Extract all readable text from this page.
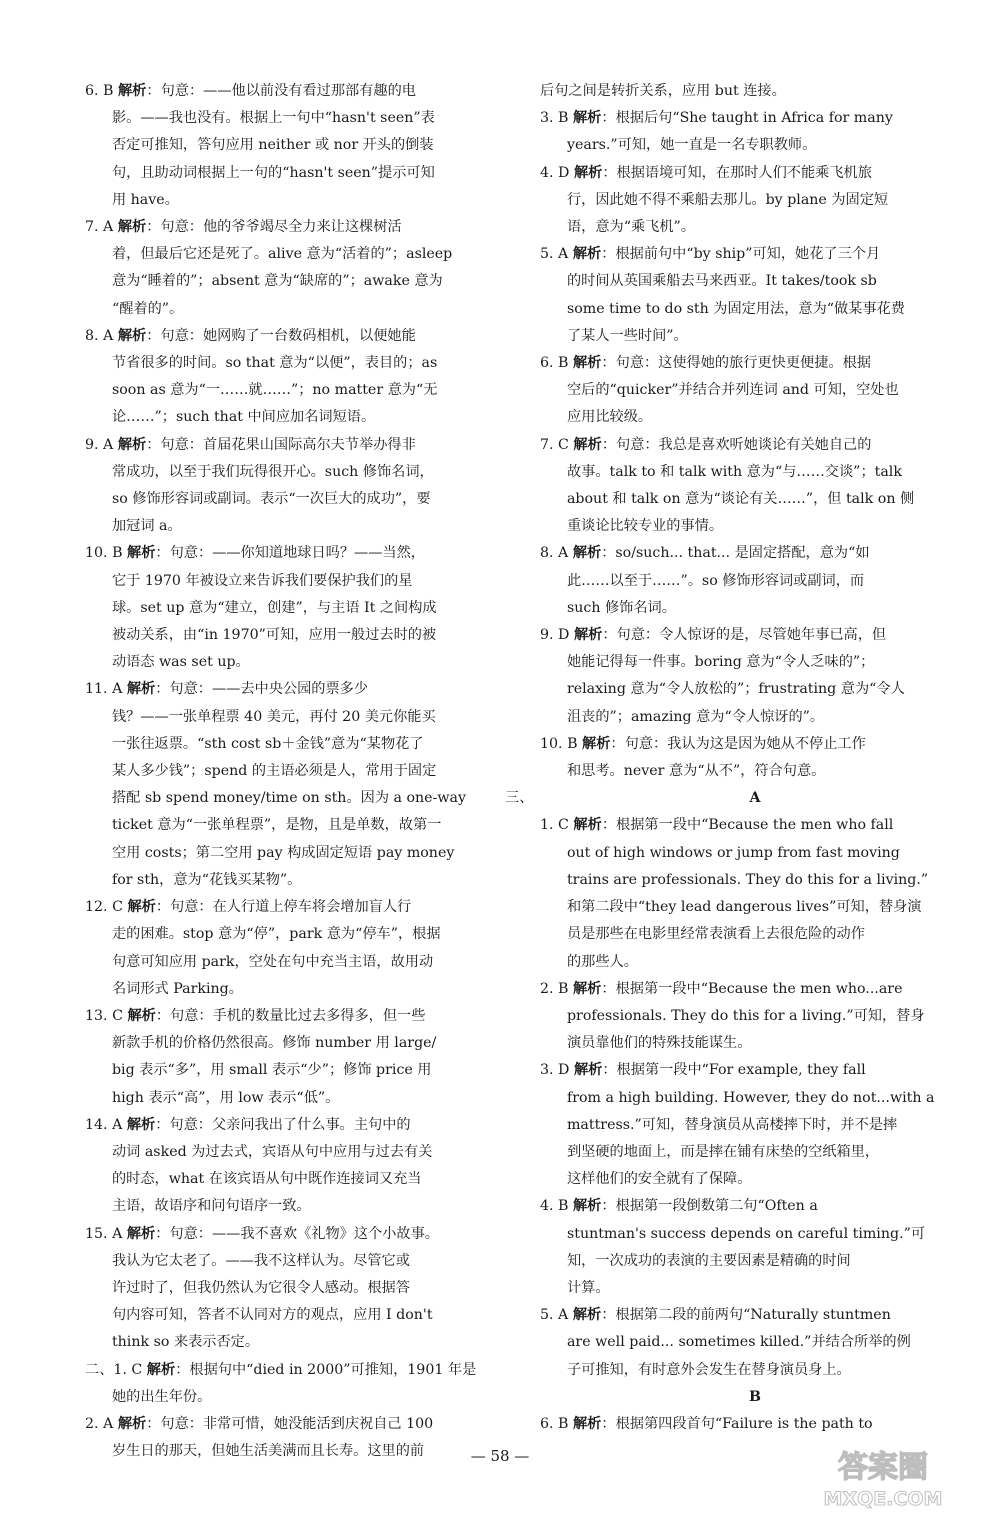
6. B 解析：句意：——他以前没有看过那部有趣的电
影。——我也没有。根据上一句中“hasn't seen”表
否定可推知，答句应用 neither 或 nor 开头的倒装
句，且助动词根据上一句的“hasn't seen”提示可知
用 have。
7. A 解析：句意：他的爷爷竭尽全力来让这棵树活
着，但最后它还是死了。alive 意为“活着的”；asleep
意为“睡着的”；absent 意为“缺席的”；awake 意为
“醒着的”。
8. A 解析：句意：她网购了一台数码相机，以便她能
节省很多的时间。so that 意为“以便”，表目的；as
soon as 意为“一……就……”；no matter 意为“无
论……”；such that 中间应加名词短语。
9. A 解析：句意：首届花果山国际高尔夫节举办得非
常成功，以至于我们玩得很开心。such 修饰名词，
so 修饰形容词或副词。表示“一次巨大的成功”，要
加冠词 a。
10. B 解析：句意：——你知道地球日吗？——当然，
它于 1970 年被设立来告诉我们要保护我们的星
球。set up 意为“建立，创建”，与主语 It 之间构成
被动关系，由“in 1970”可知，应用一般过去时的被
动语态 was set up。
11. A 解析：句意：——去中央公园的票多少
钱？——一张单程票 40 美元，再付 20 美元你能买
一张往返票。“sth cost sb＋金钱”意为“某物花了
某人多少钱”；spend 的主语必须是人，常用于固定
搭配 sb spend money/time on sth。因为 a one-way
ticket 意为“一张单程票”，是物，且是单数，故第一
空用 costs；第二空用 pay 构成固定短语 pay money
for sth，意为“花钱买某物”。
12. C 解析：句意：在人行道上停车将会增加盲人行
走的困难。stop 意为“停”，park 意为“停车”，根据
句意可知应用 park，空处在句中充当主语，故用动
名词形式 Parking。
13. C 解析：句意：手机的数量比过去多得多，但一些
新款手机的价格仍然很高。修饰 number 用 large/
big 表示“多”，用 small 表示“少”；修饰 price 用
high 表示“高”，用 low 表示“低”。
14. A 解析：句意：父亲问我出了什么事。主句中的
动词 asked 为过去式，宾语从句中应用与过去有关
的时态，what 在该宾语从句中既作连接词又充当
主语，故语序和问句语序一致。
15. A 解析：句意：——我不喜欢《礼物》这个小故事。
我认为它太老了。——我不这样认为。尽管它或
许过时了，但我仍然认为它很令人感动。根据答
句内容可知，答者不认同对方的观点，应用 I don't
think so 来表示否定。
二、1. C 解析：根据句中“died in 2000”可推知，1901 年是
她的出生年份。
2. A 解析：句意：非常可惜，她没能活到庆祝自己 100
岁生日的那天，但她生活美满而且长寿。这里的前
后句之间是转折关系，应用 but 连接。
3. B 解析：根据后句“She taught in Africa for many
years.”可知，她一直是一名专职教师。
4. D 解析：根据语境可知，在那时人们不能乘飞机旅
行，因此她不得不乘船去那儿。by plane 为固定短
语，意为“乘飞机”。
5. A 解析：根据前句中“by ship”可知，她花了三个月
的时间从英国乘船去马来西亚。It takes/took sb
some time to do sth 为固定用法，意为“做某事花费
了某人一些时间”。
6. B 解析：句意：这使得她的旅行更快更便捷。根据
空后的“quicker”并结合并列连词 and 可知，空处也
应用比较级。
7. C 解析：句意：我总是喜欢听她谈论有关她自己的
故事。talk to 和 talk with 意为“与……交谈”；talk
about 和 talk on 意为“谈论有关……”，但 talk on 侧
重谈论比较专业的事情。
8. A 解析：so/such... that... 是固定搭配，意为“如
此……以至于……”。so 修饰形容词或副词，而
such 修饰名词。
9. D 解析：句意：令人惊讶的是，尽管她年事已高，但
她能记得每一件事。boring 意为“令人乏味的”；
relaxing 意为“令人放松的”；frustrating 意为“令人
沮丧的”；amazing 意为“令人惊讶的”。
10. B 解析：句意：我认为这是因为她从不停止工作
和思考。never 意为“从不”，符合句意。
三、	A
1. C 解析：根据第一段中“Because the men who fall
out of high windows or jump from fast moving
trains are professionals. They do this for a living.”
和第二段中“they lead dangerous lives”可知，替身演
员是那些在电影里经常表演看上去很危险的动作
的那些人。
2. B 解析：根据第一段中“Because the men who...are
professionals. They do this for a living.”可知，替身
演员靠他们的特殊技能谋生。
3. D 解析：根据第一段中“For example, they fall
from a high building. However, they do not...with a
mattress.”可知，替身演员从高楼摔下时，并不是摔
到坚硬的地面上，而是摔在铺有床垫的空纸箱里，
这样他们的安全就有了保障。
4. B 解析：根据第一段倒数第二句“Often a
stuntman's success depends on careful timing.”可
知，一次成功的表演的主要因素是精确的时间
计算。
5. A 解析：根据第二段的前两句“Naturally stuntmen
are well paid... sometimes killed.”并结合所举的例
子可推知，有时意外会发生在替身演员身上。
B
6. B 解析：根据第四段首句“Failure is the path to
— 58 —	答案圈
MXQE.COM
